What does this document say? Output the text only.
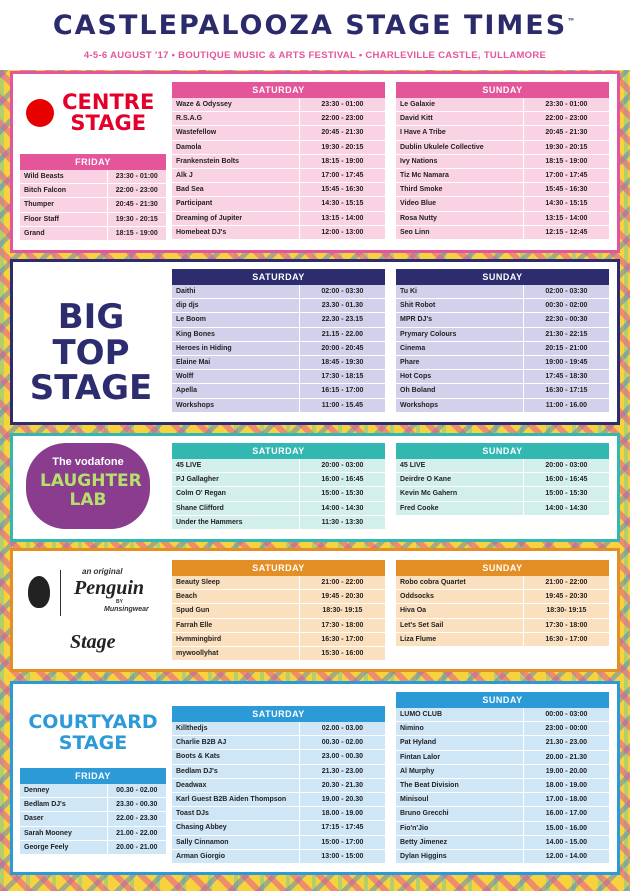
CASTLEPALOOZA STAGE TIMES™
4-5-6 AUGUST '17 • BOUTIQUE MUSIC & ARTS FESTIVAL • CHARLEVILLE CASTLE, TULLAMORE
CENTRE STAGE
FRIDAY
Wild Beasts	23:30 - 01:00
Bitch Falcon	22:00 - 23:00
Thumper	20:45 - 21:30
Floor Staff	19:30 - 20:15
Grand	18:15 - 19:00
SATURDAY
Waze & Odyssey	23:30 - 01:00
R.S.A.G	22:00 - 23:00
Wastefellow	20:45 - 21:30
Damola	19:30 - 20:15
Frankenstein Bolts	18:15 - 19:00
Alk J	17:00 - 17:45
Bad Sea	15:45 - 16:30
Participant	14:30 - 15:15
Dreaming of Jupiter	13:15 - 14:00
Homebeat DJ's	12:00 - 13:00
SUNDAY
Le Galaxie	23:30 - 01:00
David Kitt	22:00 - 23:00
I Have A Tribe	20:45 - 21:30
Dublin Ukulele Collective	19:30 - 20:15
Ivy Nations	18:15 - 19:00
Tiz Mc Namara	17:00 - 17:45
Third Smoke	15:45 - 16:30
Video Blue	14:30 - 15:15
Rosa Nutty	13:15 - 14:00
Seo Linn	12:15 - 12:45
BIG TOP STAGE
SATURDAY
Daithi	02:00 - 03:30
dip djs	23.30 - 01.30
Le Boom	22.30 - 23.15
King Bones	21.15 - 22.00
Heroes in Hiding	20:00 - 20:45
Elaine Mai	18:45 - 19:30
Wolff	17:30 - 18:15
Apella	16:15 - 17:00
Workshops	11:00 - 15.45
SUNDAY
Tu Ki	02:00 - 03:30
Shit Robot	00:30 - 02:00
MPR DJ's	22:30 - 00:30
Prymary Colours	21:30 - 22:15
Cinema	20:15 - 21:00
Phare	19:00 - 19:45
Hot Cops	17:45 - 18:30
Oh Boland	16:30 - 17:15
Workshops	11:00 - 16.00
The vodafone
LAUGHTER LAB
SATURDAY
45 LIVE	20:00 - 03:00
PJ Gallagher	16:00 - 16:45
Colm O' Regan	15:00 - 15:30
Shane Clifford	14:00 - 14:30
Under the Hammers	11:30 - 13:30
SUNDAY
45 LIVE	20:00 - 03:00
Deirdre O Kane	16:00 - 16:45
Kevin Mc Gahern	15:00 - 15:30
Fred Cooke	14:00 - 14:30
an original
Penguin
BY
Munsingwear
Stage
SATURDAY
Beauty Sleep	21:00 - 22:00
Beach	19:45 - 20:30
Spud Gun	18:30- 19:15
Farrah Elle	17:30 - 18:00
Hvmmingbird	16:30 - 17:00
mywoollyhat	15:30 - 16:00
SUNDAY
Robo cobra Quartet	21:00 - 22:00
Oddsocks	19:45 - 20:30
Hiva Oa	18:30- 19:15
Let's Set Sail	17:30 - 18:00
Liza Flume	16:30 - 17:00
COURTYARD STAGE
FRIDAY
Denney	00.30 - 02.00
Bedlam DJ's	23.30 - 00.30
Daser	22.00 - 23.30
Sarah Mooney	21.00 - 22.00
George Feely	20.00 - 21.00
SATURDAY
Killthedjs	02.00 - 03.00
Charlie B2B AJ	00.30 - 02.00
Boots & Kats	23.00 - 00.30
Bedlam DJ's	21.30 - 23.00
Deadwax	20.30 - 21.30
Karl Guest B2B Aiden Thompson	19.00 - 20.30
Toast DJs	18.00 - 19.00
Chasing Abbey	17:15 - 17:45
Sally Cinnamon	15:00 - 17:00
Arman Giorgio	13:00 - 15:00
SUNDAY
LUMO CLUB	00:00 - 03:00
Nimino	23:00 - 00:00
Pat Hyland	21.30 - 23.00
Fintan Lalor	20.00 - 21.30
Al Murphy	19.00 - 20.00
The Beat Division	18.00 - 19.00
Minisoul	17.00 - 18.00
Bruno Grecchi	16.00 - 17.00
Fio'n'Jio	15.00 - 16.00
Betty Jimenez	14.00 - 15.00
Dylan Higgins	12.00 - 14.00
